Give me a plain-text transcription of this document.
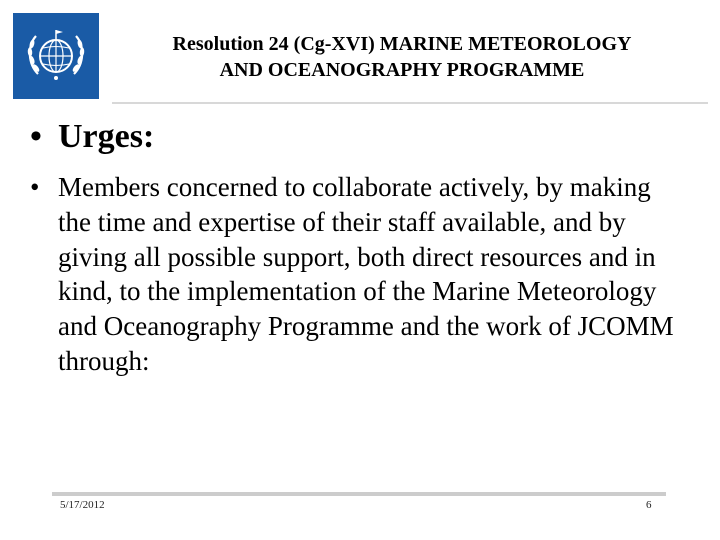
Resolution 24 (Cg-XVI) MARINE METEOROLOGY
AND OCEANOGRAPHY PROGRAMME
• Urges:
• Members concerned to collaborate actively, by making the time and expertise of their staff available, and by giving all possible support, both direct resources and in kind, to the implementation of the Marine Meteorology and Oceanography Programme and the work of JCOMM through:
5/17/2012	6
